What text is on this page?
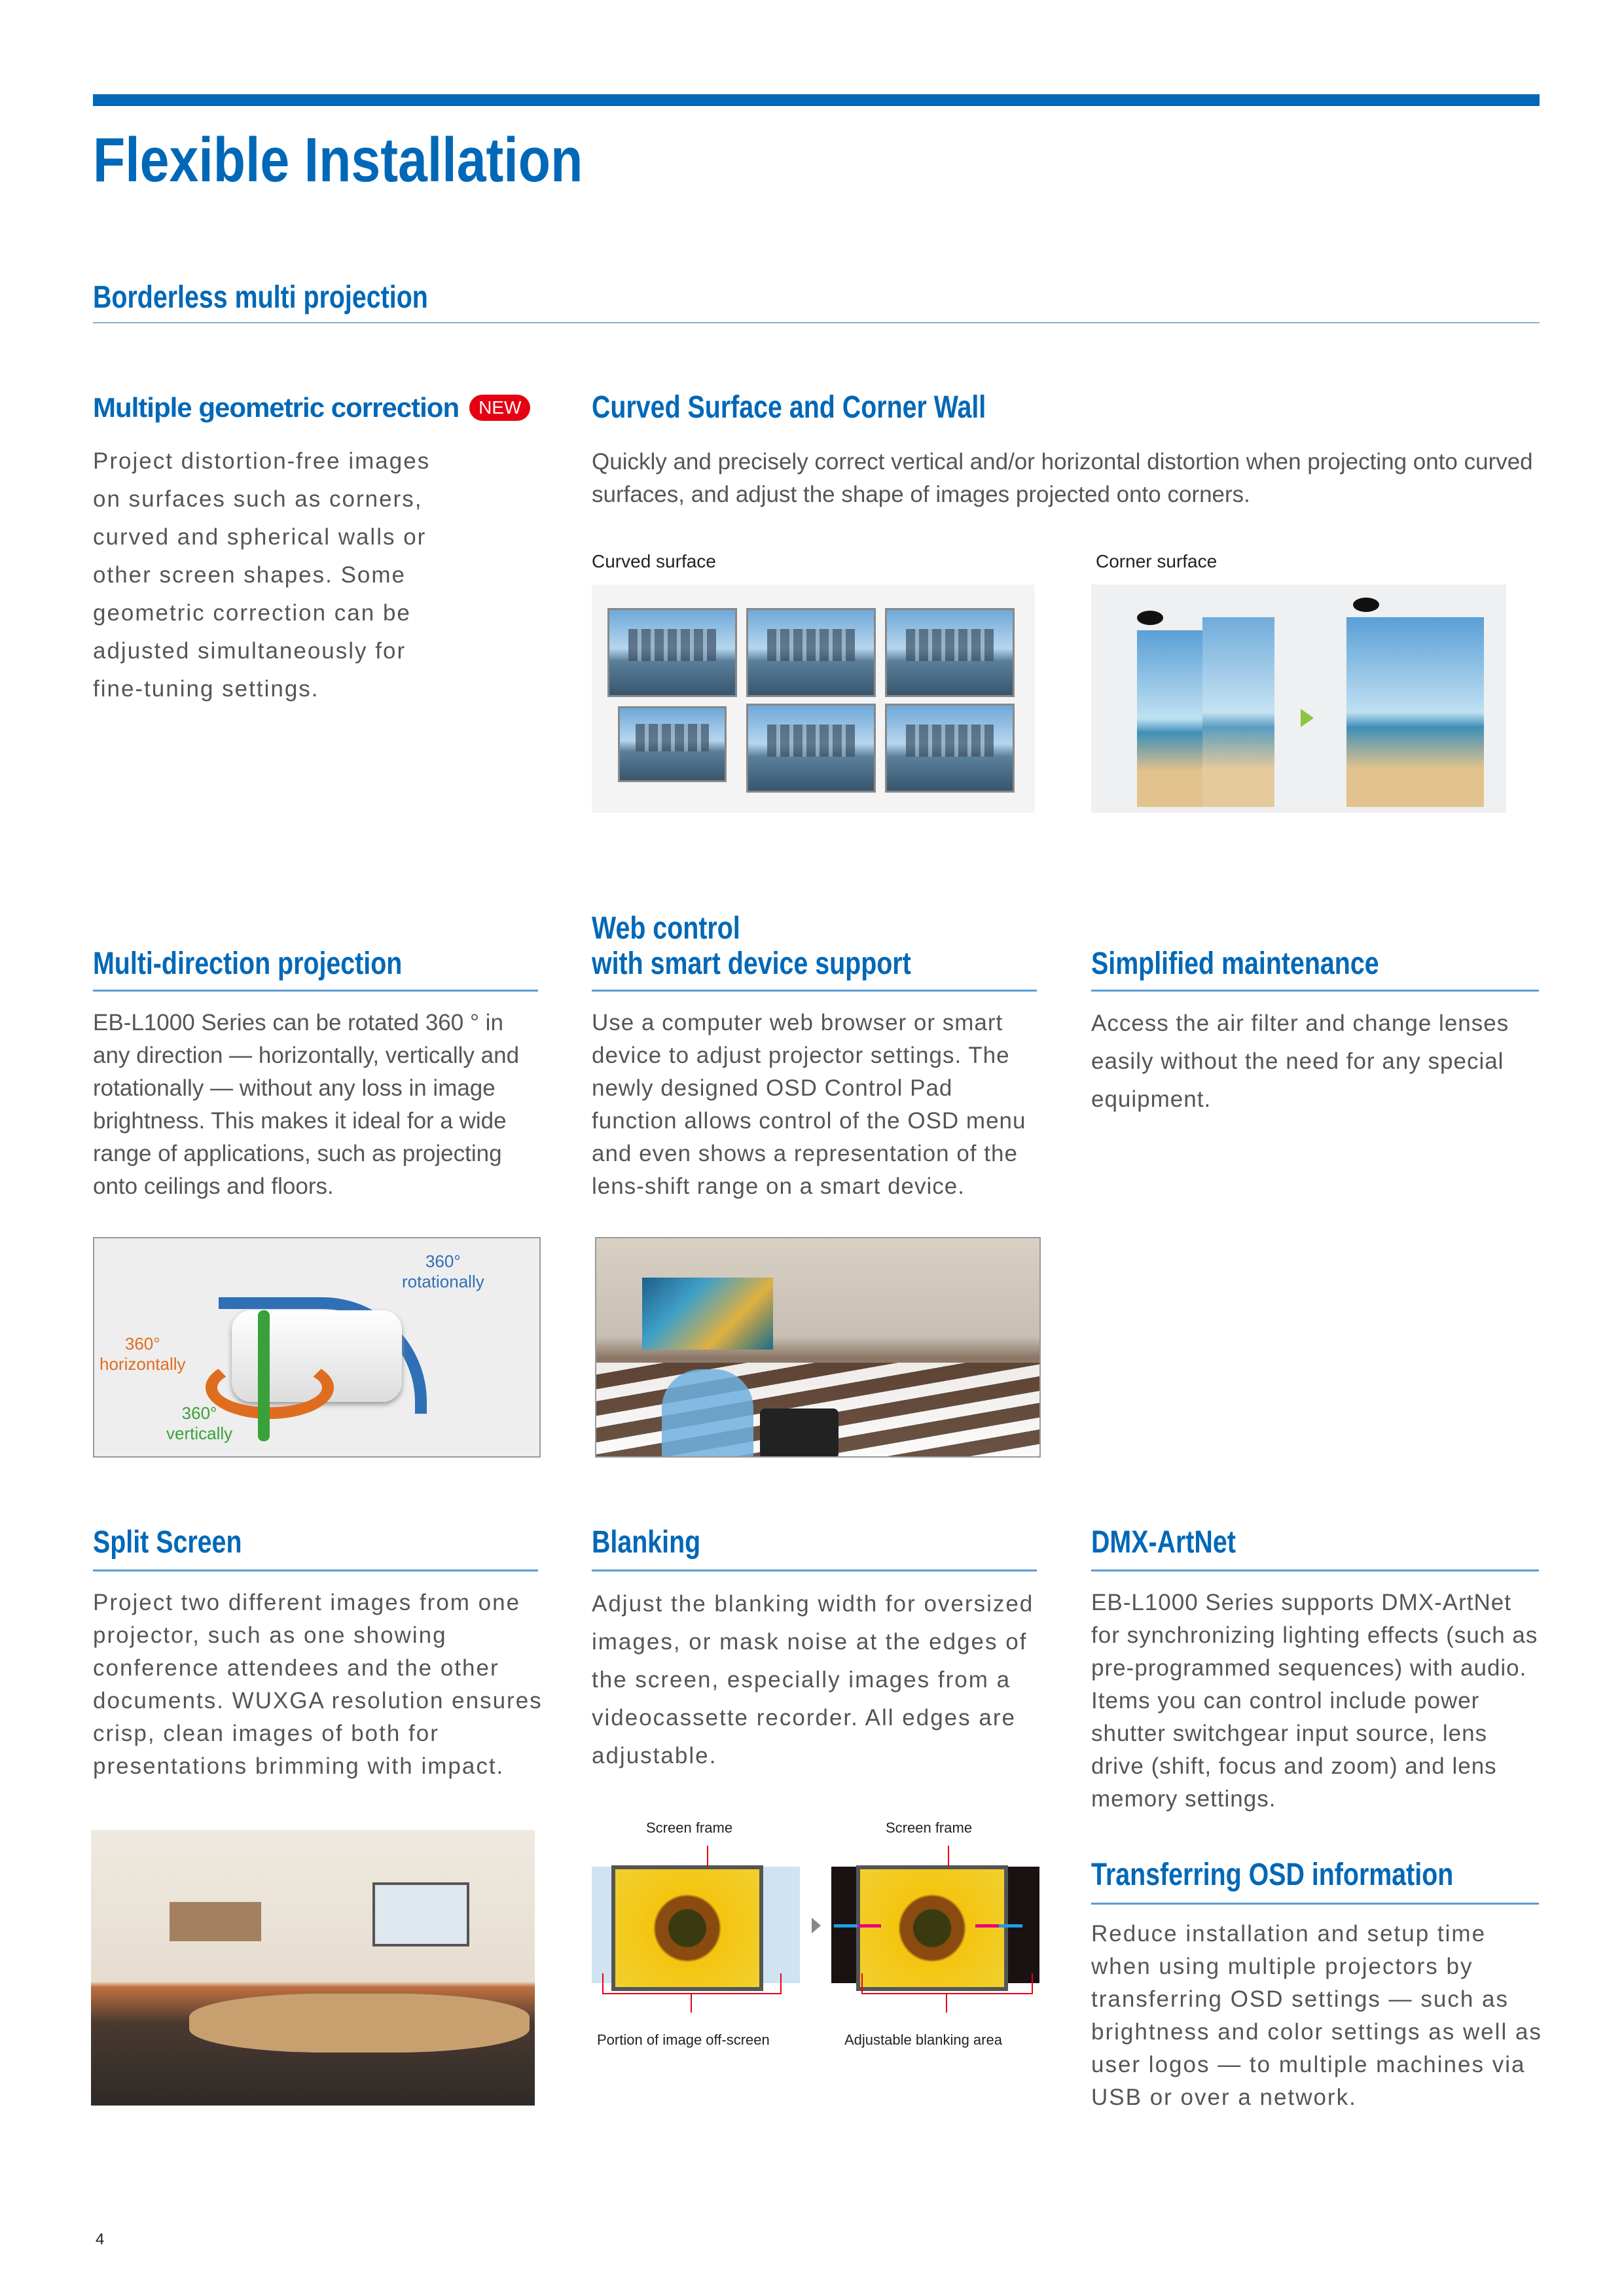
Flexible Installation
Borderless multi projection
Multiple geometric correction	NEW
Project distortion-free images on surfaces such as corners, curved and spherical walls or other screen shapes. Some geometric correction can be adjusted simultaneously for fine-tuning settings.
Curved Surface and Corner Wall
Quickly and precisely correct vertical and/or horizontal distortion when projecting onto curved surfaces, and adjust the shape of images projected onto corners.
Curved surface	Corner surface
Multi-direction projection
EB-L1000 Series can be rotated 360 ° in any direction — horizontally, vertically and rotationally — without any loss in image brightness. This makes it ideal for a wide range of applications, such as projecting onto ceilings and floors.
Web control
with smart device support
Use a computer web browser or smart device to adjust projector settings. The newly designed OSD Control Pad function allows control of the OSD menu and even shows a representation of the lens-shift range on a smart device.
Simplified maintenance
Access the air filter and change lenses easily without the need for any special equipment.
360°
rotationally
360°
horizontally
360°
vertically
Split Screen
Project two different images from one projector, such as one showing conference attendees and the other documents. WUXGA resolution ensures crisp, clean images of both for presentations brimming with impact.
Blanking
Adjust the blanking width for oversized images, or mask noise at the edges of the screen, especially images from a videocassette recorder. All edges are adjustable.
DMX-ArtNet
EB-L1000 Series supports DMX-ArtNet for synchronizing lighting effects (such as pre-programmed sequences) with audio. Items you can control include power shutter switchgear input source, lens drive (shift, focus and zoom) and lens memory settings.
Transferring OSD information
Reduce installation and setup time when using multiple projectors by transferring OSD settings — such as brightness and color settings as well as user logos — to multiple machines via USB or over a network.
Screen frame	Screen frame
Portion of image off-screen	Adjustable blanking area
4
